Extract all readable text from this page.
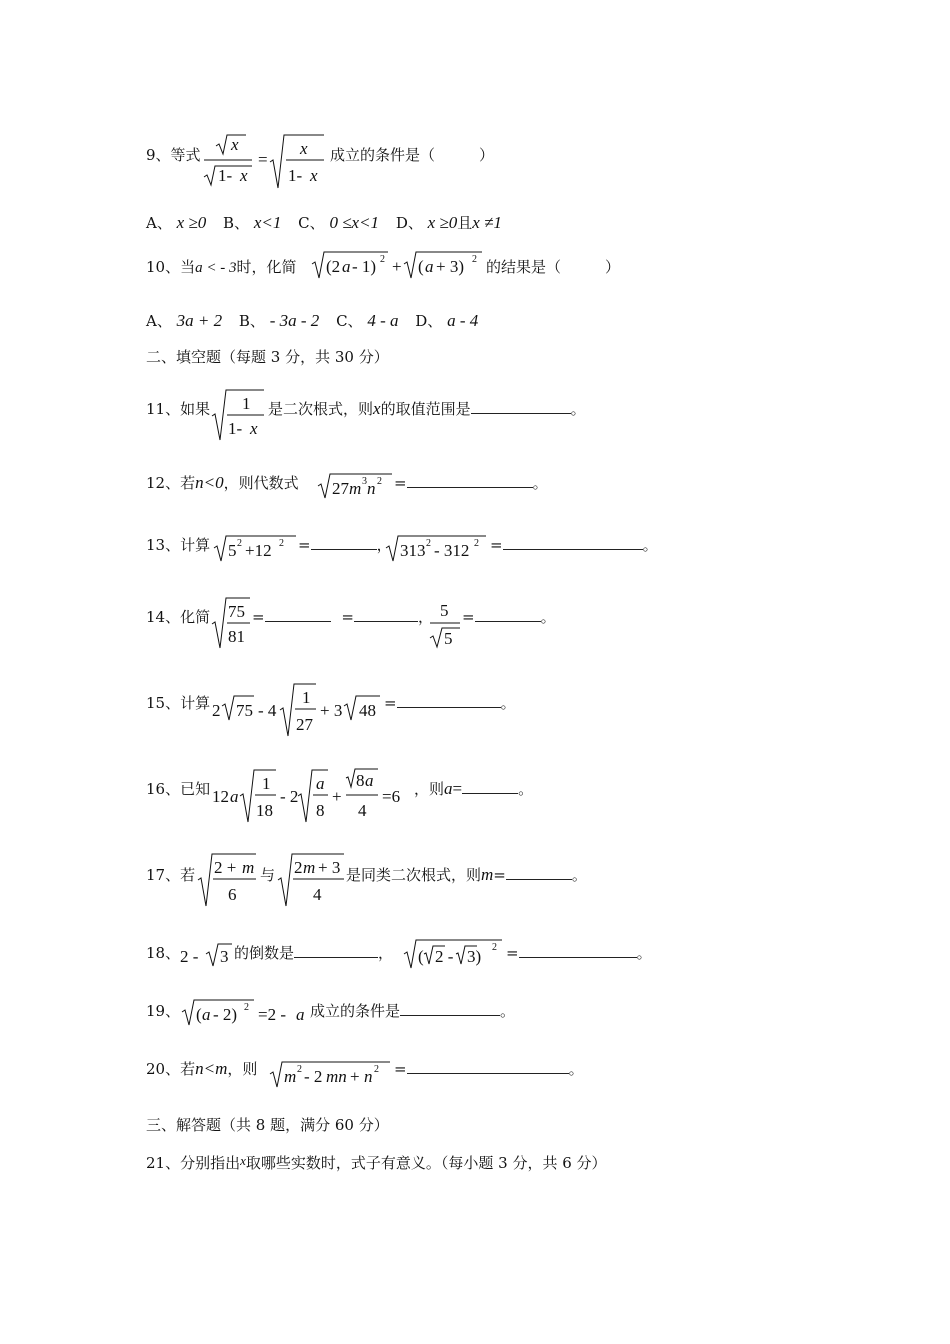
9、等式
x
1- x
=
x
1- x
成立的条件是（	）
A、 x ≥0 B、 x<1 C、 0 ≤x<1 D、 x ≥0且x ≠1
10、当a < - 3时，化简 (2 a - 1) 2 + ( a + 3) 2 的结果是（	）
A、 3a + 2 B、 - 3a - 2 C、 4 - a D、 a - 4
二、填空题（每题 3 分，共 30 分）
11、如果 1
1- x
是二次根式，则x的取值范围是	。
12、若n<0，则代数式 27 m 3 n 2 =	。
13、计算 5 2 +12 2 =	， 313 2 - 312 2 =	。
14、化简 75
81
=	=	， 5
5
=	。
15、计算 2 75 - 4
1
27
+ 3 48 =	。
16、已知 12 a
1
18
- 2
a
8
+
8 a
4
=6 ，则a=	。
17、若 2 + m
6
与 2 m + 3
4
是同类二次根式，则m=	。
18、 2 - 3 的倒数是	， ( 2 - 3) 2 =	。
19、 ( a - 2) 2 =2 - a 成立的条件是	。
20、若n<m，则 m 2 - 2 mn + n 2 =	。
三、解答题（共 8 题，满分 60 分）
21、分别指出x取哪些实数时，式子有意义。（每小题 3 分，共 6 分）
